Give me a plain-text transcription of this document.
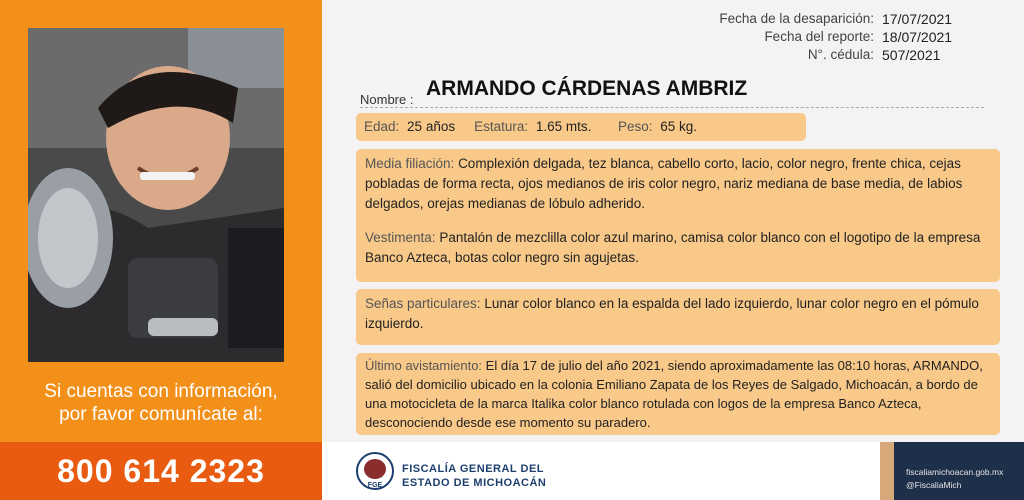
Si cuentas con información,
por favor comunícate al:
800 614 2323
Fecha de la desaparición: 17/07/2021
Fecha del reporte: 18/07/2021
N°. cédula: 507/2021
Nombre : ARMANDO CÁRDENAS AMBRIZ
Edad: 25 años Estatura: 1.65 mts. Peso: 65 kg.

Media filiación: Complexión delgada, tez blanca, cabello corto, lacio, color negro, frente chica, cejas pobladas de forma recta, ojos medianos de iris color negro, nariz mediana de base media, de labios delgados, orejas medianas de lóbulo adherido.

Vestimenta: Pantalón de mezclilla color azul marino, camisa color blanco con el logotipo de la empresa Banco Azteca, botas color negro sin agujetas.

Señas particulares: Lunar color blanco en la espalda del lado izquierdo, lunar color negro en el pómulo izquierdo.
Último avistamiento: El día 17 de julio del año 2021, siendo aproximadamente las 08:10 horas, ARMANDO, salió del domicilio ubicado en la colonia Emiliano Zapata de los Reyes de Salgado, Michoacán, a bordo de una motocicleta de la marca Italika color blanco rotulada con logos de la empresa Banco Azteca, desconociendo desde ese momento su paradero.
FGE
FISCALÍA GENERAL DEL
ESTADO DE MICHOACÁN
fiscaliamichoacan.gob.mx
@FiscaliaMich
